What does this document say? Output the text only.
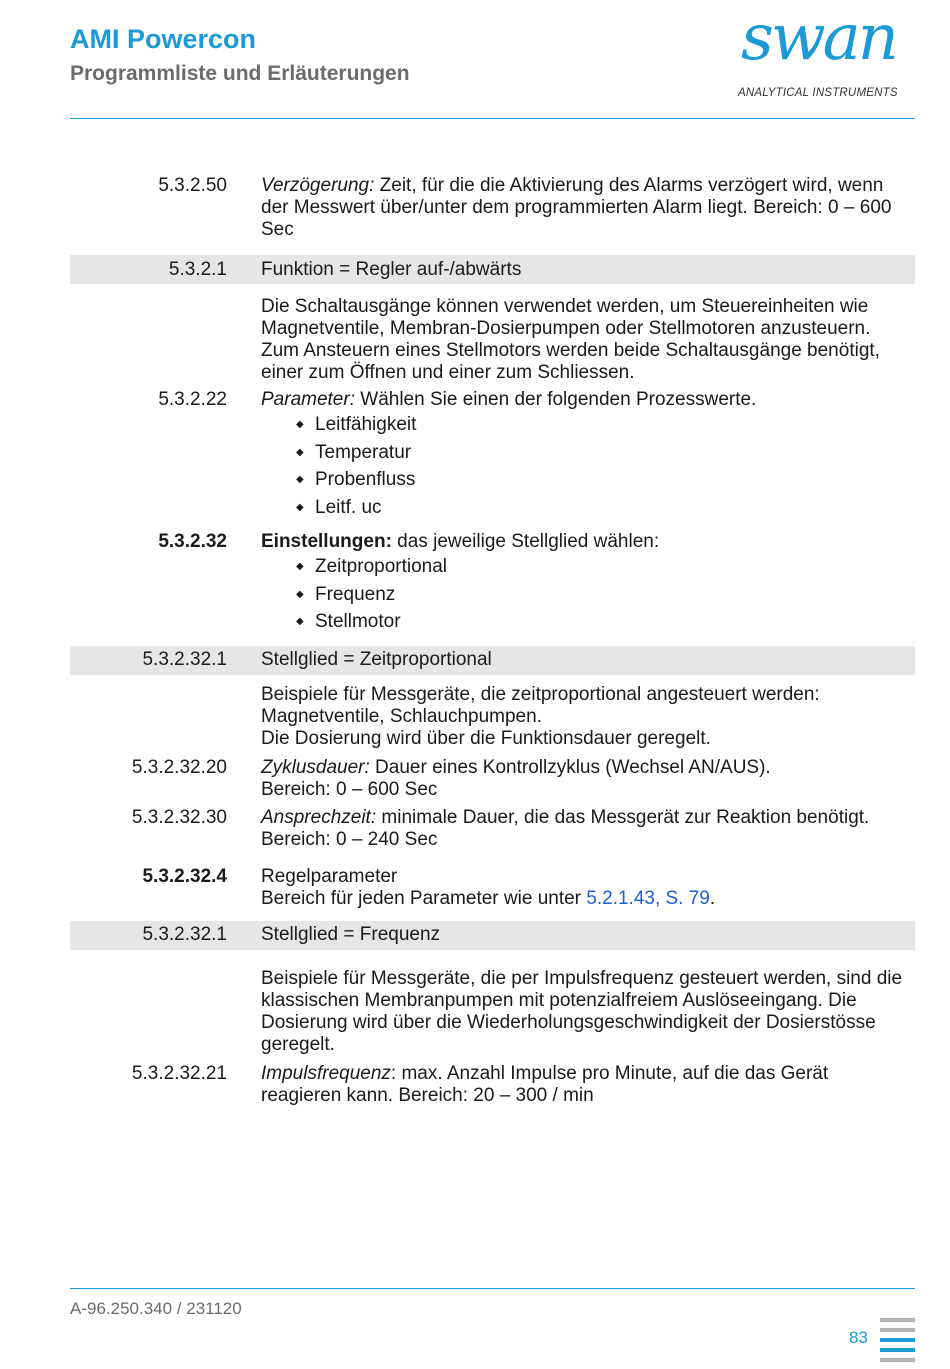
AMI Powercon
Programmliste und Erläuterungen	swan
ANALYTICAL INSTRUMENTS
5.3.2.50 Verzögerung: Zeit, für die die Aktivierung des Alarms verzögert wird, wenn der Messwert über/unter dem programmierten Alarm liegt. Bereich: 0 – 600 Sec
5.3.2.1 Funktion = Regler auf-/abwärts
Die Schaltausgänge können verwendet werden, um Steuereinheiten wie Magnetventile, Membran-Dosierpumpen oder Stellmotoren anzusteuern. Zum Ansteuern eines Stellmotors werden beide Schaltausgänge benötigt, einer zum Öffnen und einer zum Schliessen.
5.3.2.22 Parameter: Wählen Sie einen der folgenden Prozesswerte.
◆ Leitfähigkeit
◆ Temperatur
◆ Probenfluss
◆ Leitf. uc
5.3.2.32 Einstellungen: das jeweilige Stellglied wählen:
◆ Zeitproportional
◆ Frequenz
◆ Stellmotor
5.3.2.32.1 Stellglied = Zeitproportional
Beispiele für Messgeräte, die zeitproportional angesteuert werden: Magnetventile, Schlauchpumpen.
Die Dosierung wird über die Funktionsdauer geregelt.
5.3.2.32.20 Zyklusdauer: Dauer eines Kontrollzyklus (Wechsel AN/AUS).
Bereich: 0 – 600 Sec
5.3.2.32.30 Ansprechzeit: minimale Dauer, die das Messgerät zur Reaktion benötigt. Bereich: 0 – 240 Sec
5.3.2.32.4 Regelparameter
Bereich für jeden Parameter wie unter 5.2.1.43, S. 79.
5.3.2.32.1 Stellglied = Frequenz
Beispiele für Messgeräte, die per Impulsfrequenz gesteuert werden, sind die klassischen Membranpumpen mit potenzialfreiem Auslöseeingang. Die Dosierung wird über die Wiederholungsgeschwindigkeit der Dosierstösse geregelt.
5.3.2.32.21 Impulsfrequenz: max. Anzahl Impulse pro Minute, auf die das Gerät reagieren kann. Bereich: 20 – 300 / min
A-96.250.340 / 231120
83
